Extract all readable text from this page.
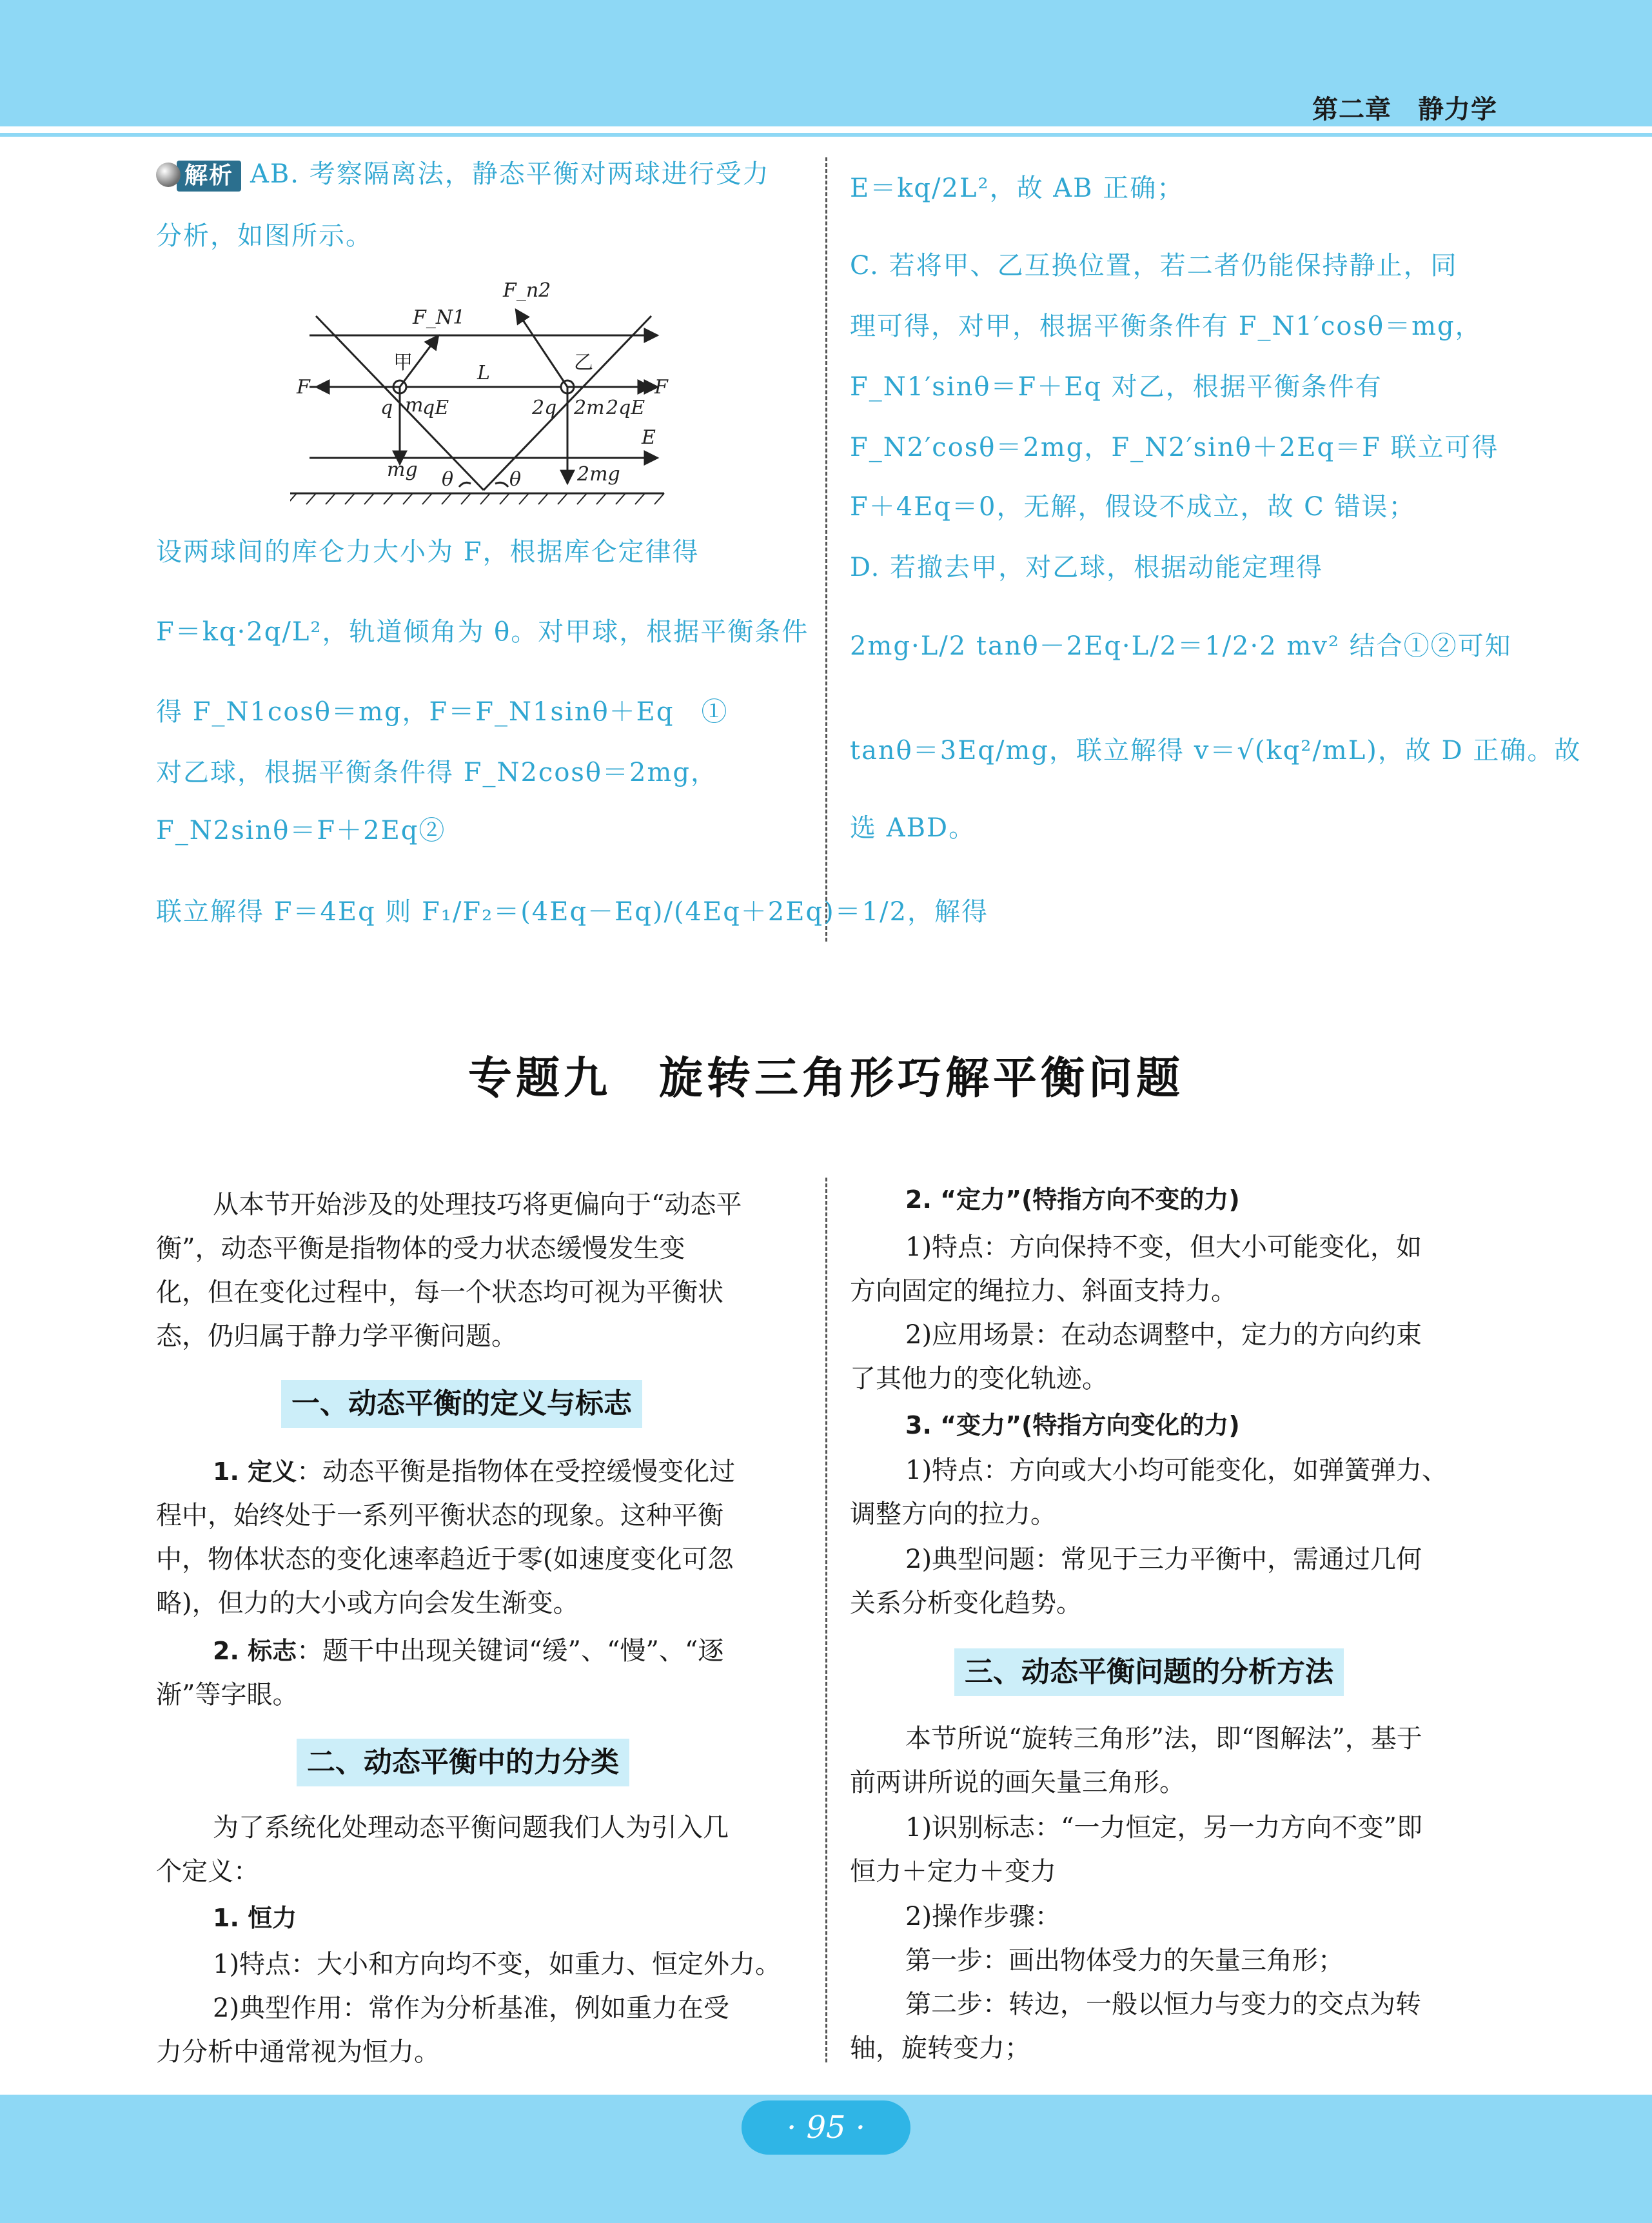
第二章　静力学
解析 AB. 考察隔离法，静态平衡对两球进行受力
分析，如图所示。
F_N1
F_n2
甲	乙
L
F	F
q m
qE	2q 2m 2qE
E
mg θ	θ	2mg
设两球间的库仑力大小为 F，根据库仑定律得
F＝kq·2q/L²，轨道倾角为 θ。对甲球，根据平衡条件
得 F_N1cosθ＝mg，F＝F_N1sinθ＋Eq　①
对乙球，根据平衡条件得 F_N2cosθ＝2mg，
F_N2sinθ＝F＋2Eq②
联立解得 F＝4Eq 则 F₁/F₂＝(4Eq－Eq)/(4Eq＋2Eq)＝1/2，解得
E＝kq/2L²，故 AB 正确；
C. 若将甲、乙互换位置，若二者仍能保持静止，同
理可得，对甲，根据平衡条件有 F_N1′cosθ＝mg，
F_N1′sinθ＝F＋Eq 对乙，根据平衡条件有
F_N2′cosθ＝2mg，F_N2′sinθ＋2Eq＝F 联立可得
F＋4Eq＝0，无解，假设不成立，故 C 错误；
D. 若撤去甲，对乙球，根据动能定理得
2mg·L/2 tanθ－2Eq·L/2＝1/2·2 mv² 结合①②可知
tanθ＝3Eq/mg，联立解得 v＝√(kq²/mL)，故 D 正确。故
选 ABD。
专题九　旋转三角形巧解平衡问题
从本节开始涉及的处理技巧将更偏向于“动态平
衡”，动态平衡是指物体的受力状态缓慢发生变
化，但在变化过程中，每一个状态均可视为平衡状
态，仍归属于静力学平衡问题。
一、动态平衡的定义与标志
1. 定义：动态平衡是指物体在受控缓慢变化过
程中，始终处于一系列平衡状态的现象。这种平衡
中，物体状态的变化速率趋近于零(如速度变化可忽
略)，但力的大小或方向会发生渐变。
2. 标志：题干中出现关键词“缓”、“慢”、“逐
渐”等字眼。
二、动态平衡中的力分类
为了系统化处理动态平衡问题我们人为引入几
个定义：
1. 恒力
1)特点：大小和方向均不变，如重力、恒定外力。
2)典型作用：常作为分析基准，例如重力在受
力分析中通常视为恒力。
2. “定力”(特指方向不变的力)
1)特点：方向保持不变，但大小可能变化，如
方向固定的绳拉力、斜面支持力。
2)应用场景：在动态调整中，定力的方向约束
了其他力的变化轨迹。
3. “变力”(特指方向变化的力)
1)特点：方向或大小均可能变化，如弹簧弹力、
调整方向的拉力。
2)典型问题：常见于三力平衡中，需通过几何
关系分析变化趋势。
三、动态平衡问题的分析方法
本节所说“旋转三角形”法，即“图解法”，基于
前两讲所说的画矢量三角形。
1)识别标志：“一力恒定，另一力方向不变”即
恒力＋定力＋变力
2)操作步骤：
第一步：画出物体受力的矢量三角形；
第二步：转边，一般以恒力与变力的交点为转
轴，旋转变力；
· 95 ·
